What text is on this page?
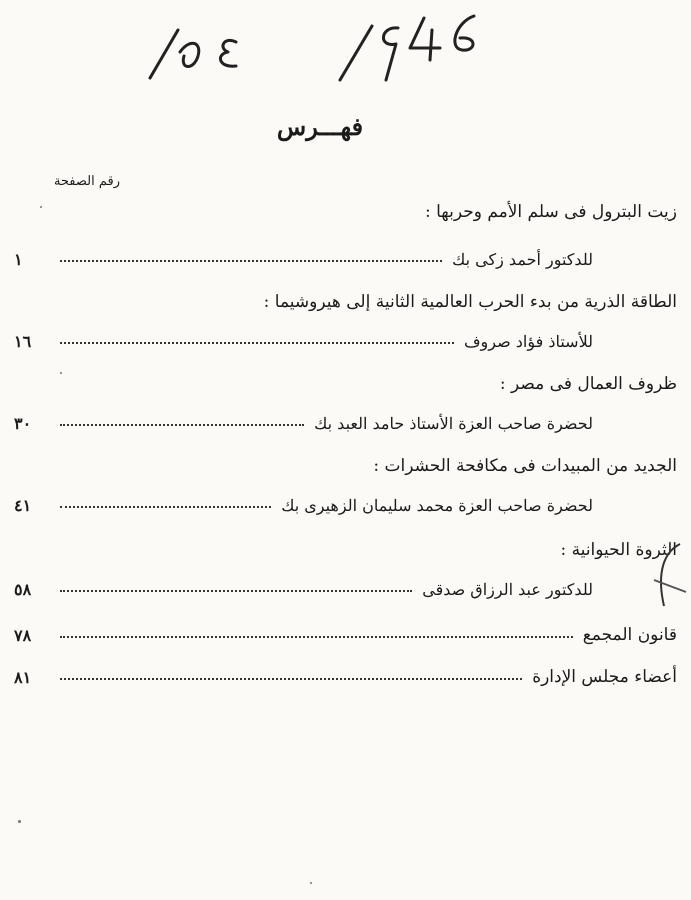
فهـــرس
رقم الصفحة
زيت البترول فى سلم الأمم وحربها :
١	للدكتور أحمد زكى بك
الطاقة الذرية من بدء الحرب العالمية الثانية إلى هيروشيما :
١٦	للأستاذ فؤاد صروف
ظروف العمال فى مصر :
٣٠	لحضرة صاحب العزة الأستاذ حامد العبد بك
الجديد من المبيدات فى مكافحة الحشرات :
٤١	لحضرة صاحب العزة محمد سليمان الزهيرى بك
الثروة الحيوانية :
٥٨	للدكتور عبد الرزاق صدقى
٧٨	قانون المجمع
٨١	أعضاء مجلس الإدارة
